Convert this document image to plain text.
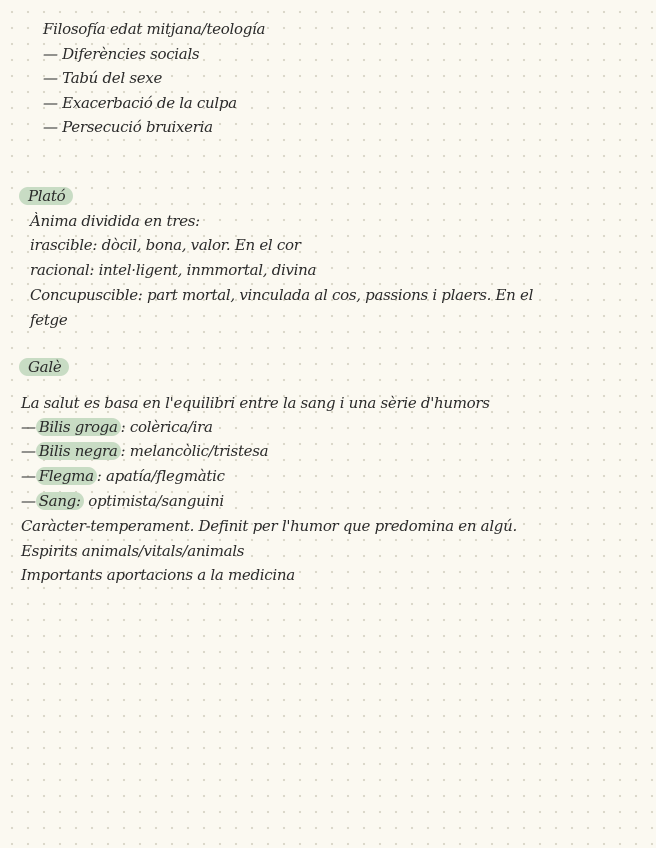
Filosofía edat mitjana/teología
— Diferències socials
— Tabú del sexe
— Exacerbació de la culpa
— Persecució bruixeria
Plató
Ànima dividida en tres:
irascible: dòcil, bona, valor. En el cor
racional: intel·ligent, inmmortal, divina
Concupuscible: part mortal, vinculada al cos, passions i plaers. En el
fetge
Galè
La salut es basa en l'equilibri entre la sang i una sèrie d'humors
— Bilis groga : colèrica/ira
— Bilis negra : melancòlic/tristesa
— Flegma : apatía/flegmàtic
— Sang: optimista/sanguini
Caràcter-temperament. Definit per l'humor que predomina en algú.
Espirits animals/vitals/animals
Importants aportacions a la medicina
